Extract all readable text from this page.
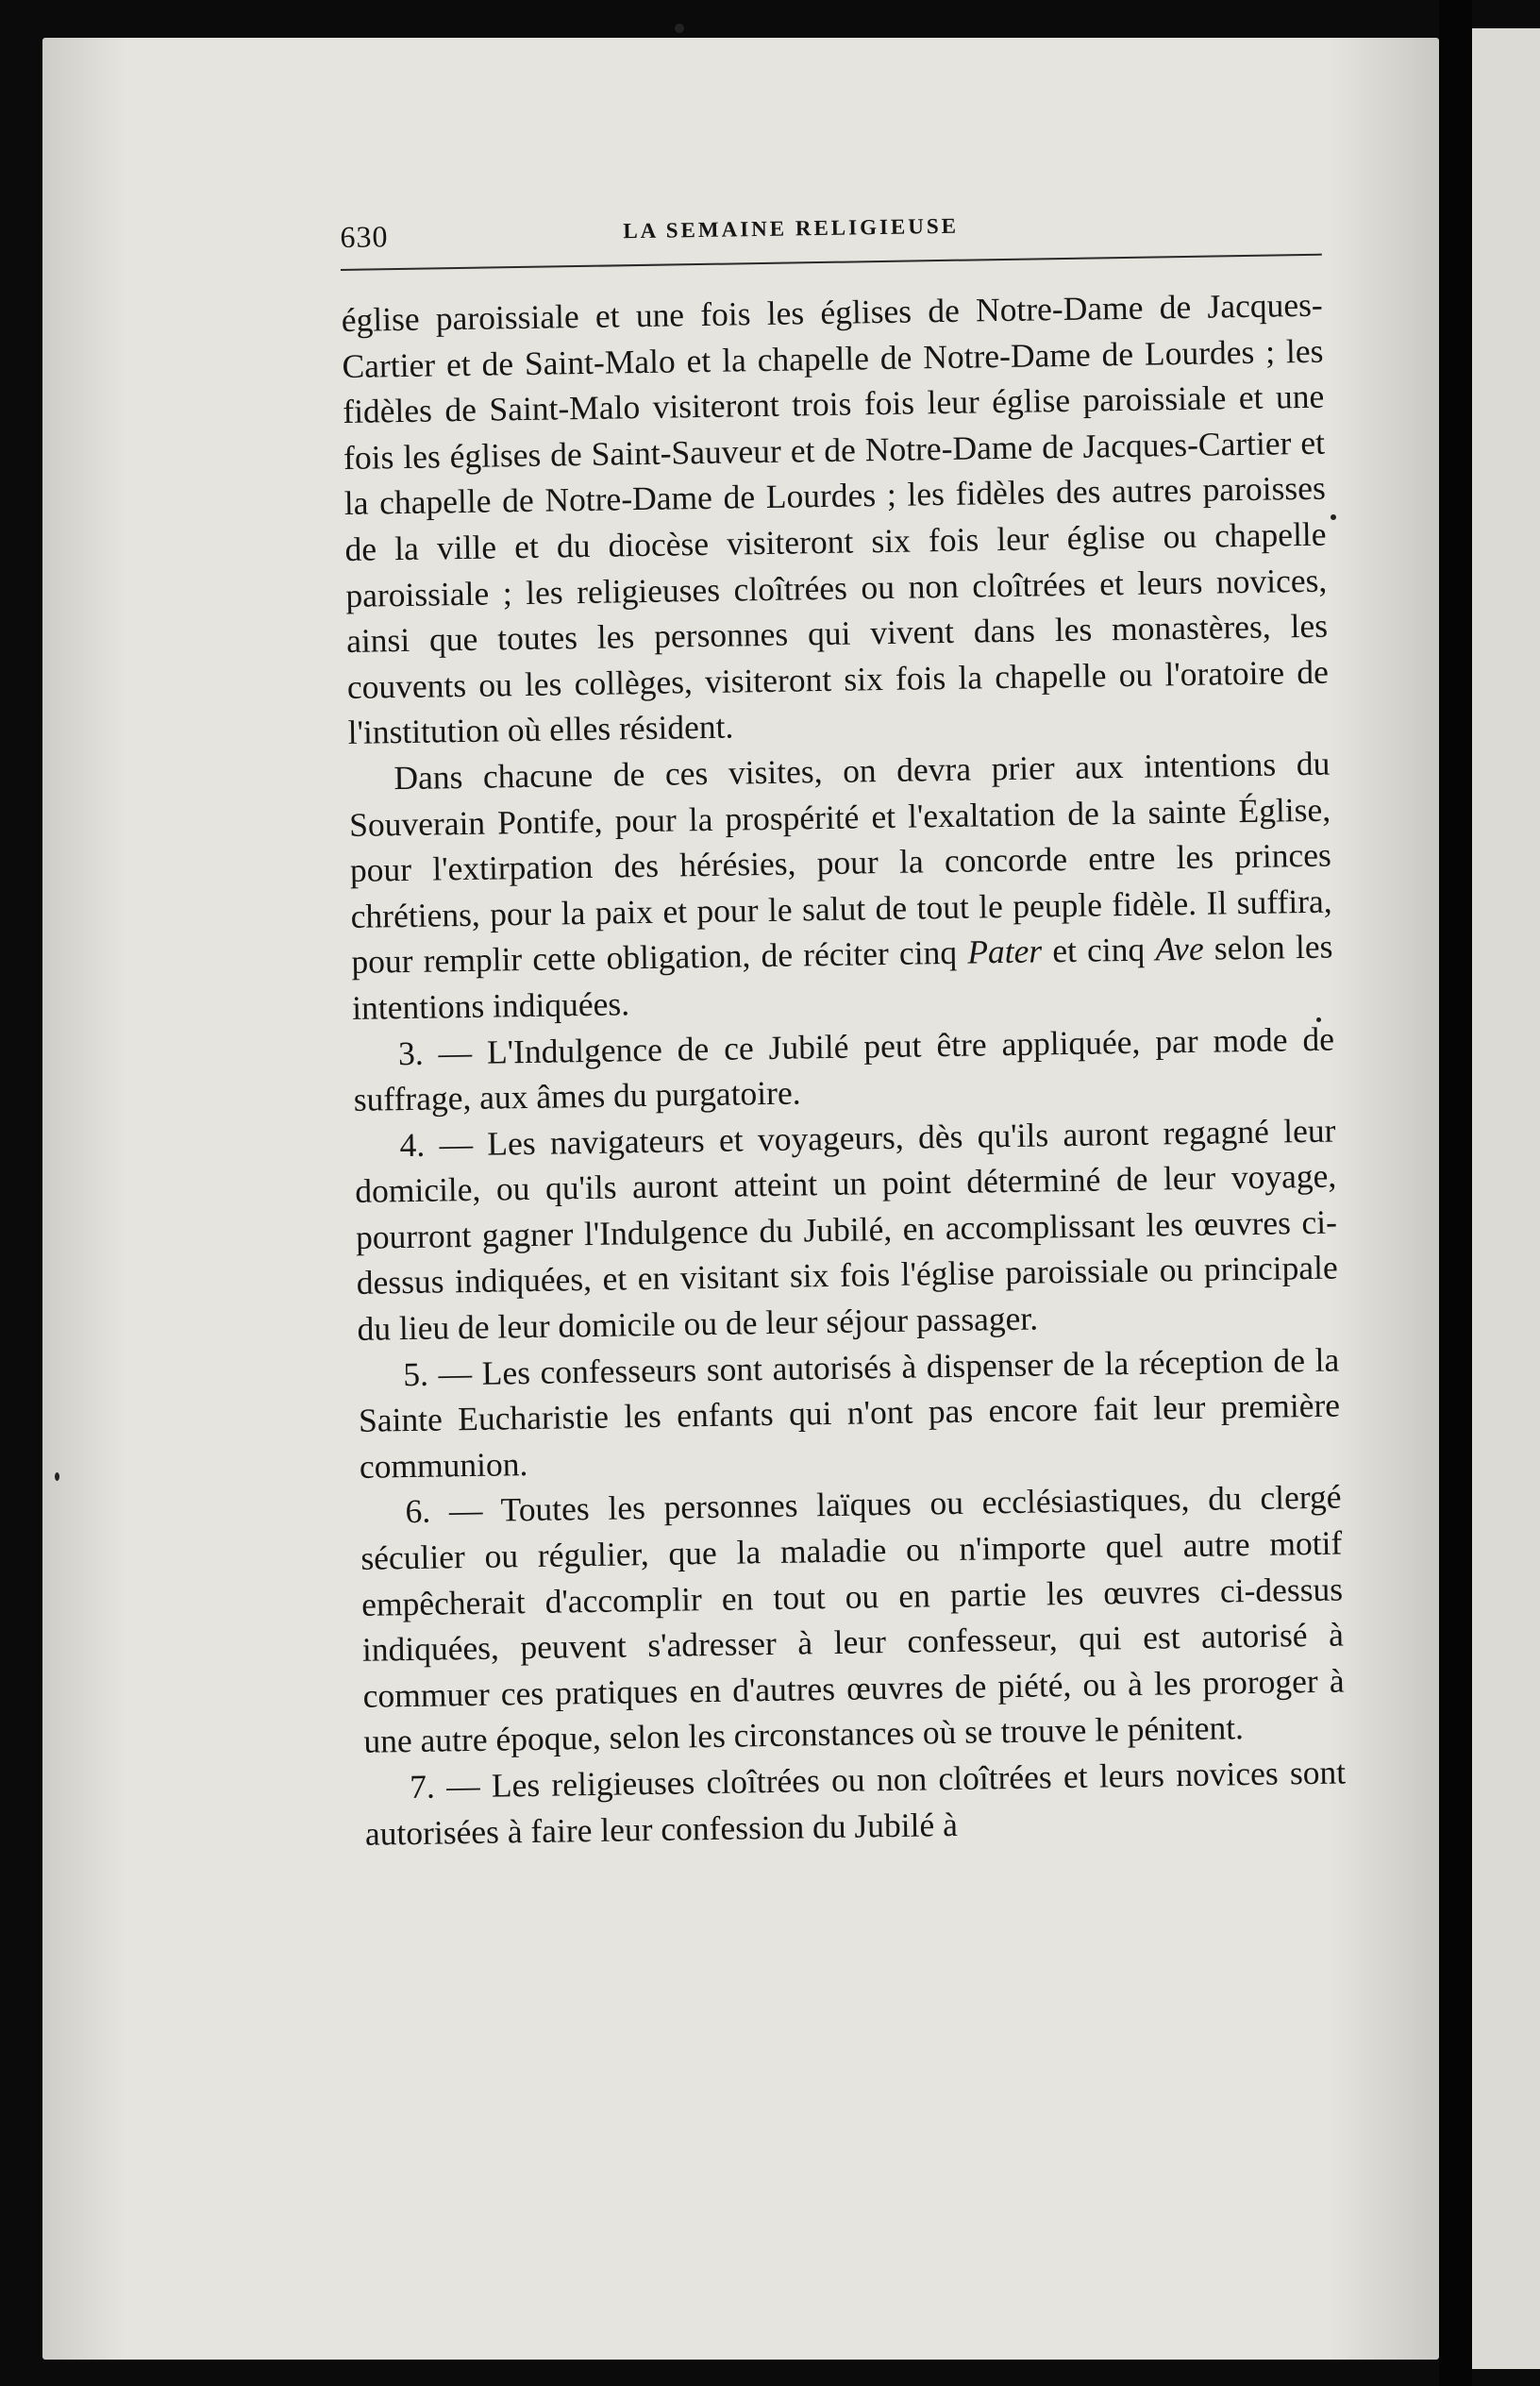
630	LA SEMAINE RELIGIEUSE

église paroissiale et une fois les églises de Notre-Dame de Jacques-Cartier et de Saint-Malo et la chapelle de Notre-Dame de Lourdes ; les fidèles de Saint-Malo visiteront trois fois leur église paroissiale et une fois les églises de Saint-Sauveur et de Notre-Dame de Jacques-Cartier et la chapelle de Notre-Dame de Lourdes ; les fidèles des autres paroisses de la ville et du diocèse visiteront six fois leur église ou chapelle paroissiale ; les religieuses cloîtrées ou non cloîtrées et leurs novices, ainsi que toutes les personnes qui vivent dans les monastères, les couvents ou les collèges, visiteront six fois la chapelle ou l'oratoire de l'institution où elles résident.

Dans chacune de ces visites, on devra prier aux intentions du Souverain Pontife, pour la prospérité et l'exaltation de la sainte Église, pour l'extirpation des hérésies, pour la concorde entre les princes chrétiens, pour la paix et pour le salut de tout le peuple fidèle. Il suffira, pour remplir cette obligation, de réciter cinq Pater et cinq Ave selon les intentions indiquées.

3. — L'Indulgence de ce Jubilé peut être appliquée, par mode de suffrage, aux âmes du purgatoire.

4. — Les navigateurs et voyageurs, dès qu'ils auront regagné leur domicile, ou qu'ils auront atteint un point déterminé de leur voyage, pourront gagner l'Indulgence du Jubilé, en accomplissant les œuvres ci-dessus indiquées, et en visitant six fois l'église paroissiale ou principale du lieu de leur domicile ou de leur séjour passager.

5. — Les confesseurs sont autorisés à dispenser de la réception de la Sainte Eucharistie les enfants qui n'ont pas encore fait leur première communion.

6. — Toutes les personnes laïques ou ecclésiastiques, du clergé séculier ou régulier, que la maladie ou n'importe quel autre motif empêcherait d'accomplir en tout ou en partie les œuvres ci-dessus indiquées, peuvent s'adresser à leur confesseur, qui est autorisé à commuer ces pratiques en d'autres œuvres de piété, ou à les proroger à une autre époque, selon les circonstances où se trouve le pénitent.

7. — Les religieuses cloîtrées ou non cloîtrées et leurs novices sont autorisées à faire leur confession du Jubilé à
